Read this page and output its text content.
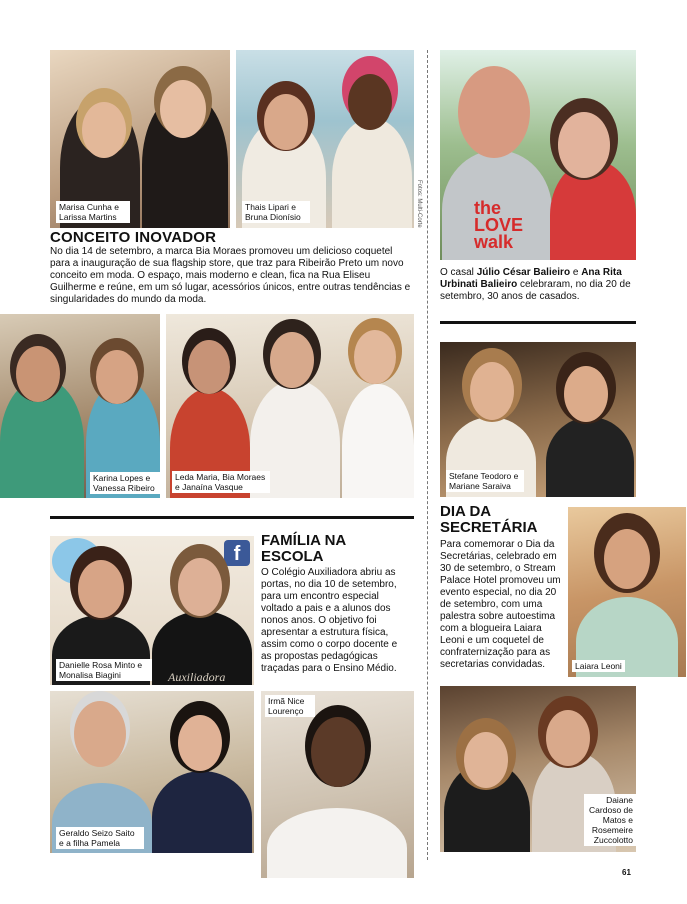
Marisa Cunha e Larissa Martins
Thais Lipari e Bruna Dionísio	Fotos: Multi-Corte
CONCEITO INOVADOR
No dia 14 de setembro, a marca Bia Moraes promoveu um delicioso coquetel para a inauguração de sua flagship store, que traz para Ribeirão Preto um novo conceito em moda. O espaço, mais moderno e clean, fica na Rua Eliseu Guilherme e reúne, em um só lugar, acessórios únicos, entre outras tendências e singularidades do mundo da moda.
Karina Lopes e Vanessa Ribeiro
Leda Maria, Bia Moraes e Janaína Vasque
the LOVE walk
O casal Júlio César Balieiro e Ana Rita Urbinati Balieiro celebraram, no dia 20 de setembro, 30 anos de casados.
Stefane Teodoro e Mariane Saraiva
DIA DA SECRETÁRIA
Para comemorar o Dia da Secretárias, celebrado em 30 de setembro, o Stream Palace Hotel promoveu um evento especial, no dia 20 de setembro, com uma palestra sobre autoestima com a blogueira Laiara Leoni e um coquetel de confraternização para as secretarias convidadas.	Laiara Leoni
Daiane Cardoso de Matos e Rosemeire Zuccolotto
f
Auxiliadora
Danielle Rosa Minto e Monalisa Biagini
FAMÍLIA NA ESCOLA
O Colégio Auxiliadora abriu as portas, no dia 10 de setembro, para um encontro especial voltado a pais e a alunos dos nonos anos. O objetivo foi apresentar a estrutura física, assim como o corpo docente e as propostas pedagógicas traçadas para o Ensino Médio.
Geraldo Seizo Saito e a filha Pamela
Irmã Nice Lourenço
61
